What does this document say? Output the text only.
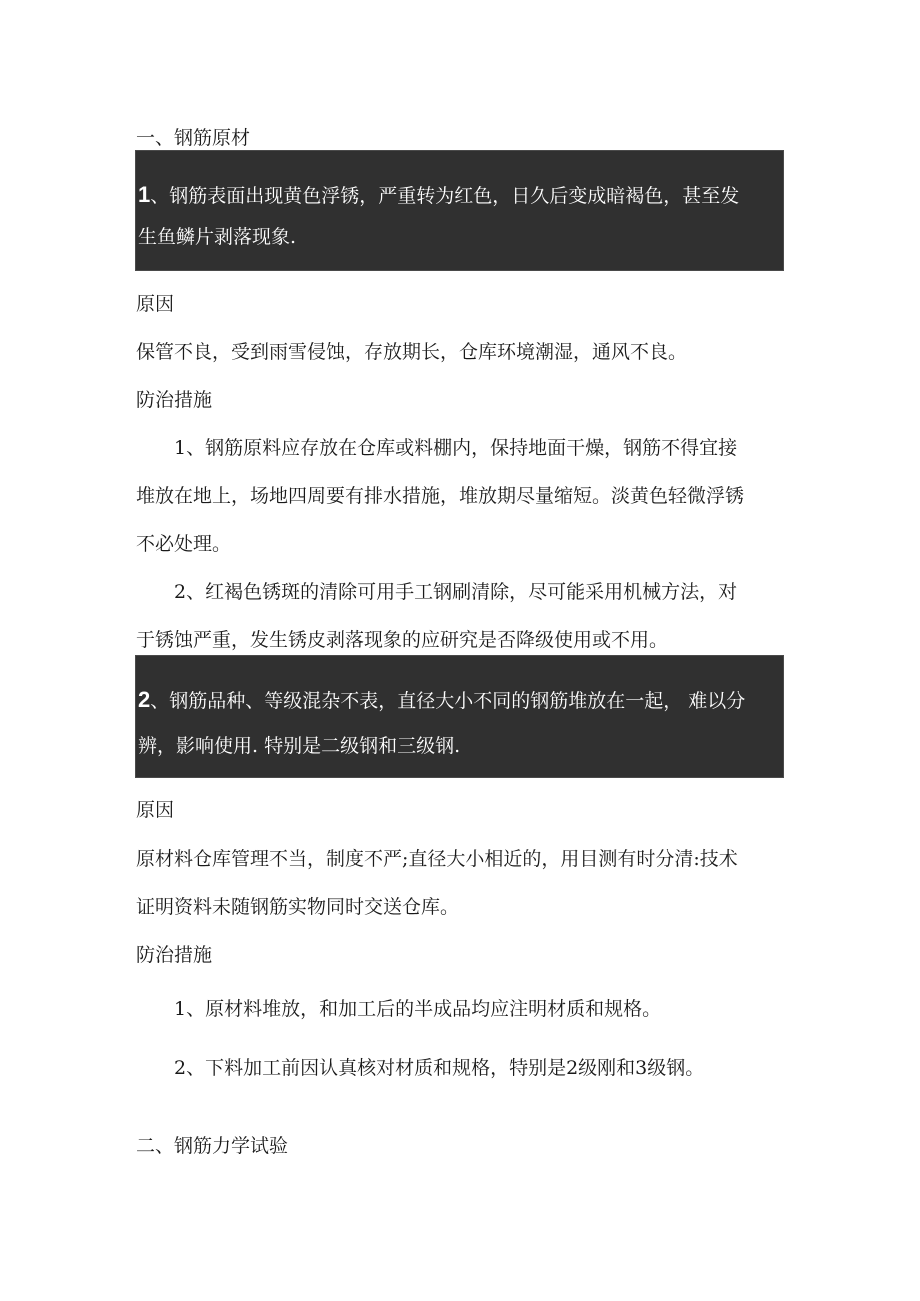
一、钢筋原材

1、钢筋表面出现黄色浮锈，严重转为红色，日久后变成暗褐色，甚至发
生鱼鳞片剥落现象.

原因

保管不良，受到雨雪侵蚀，存放期长，仓库环境潮湿，通风不良。

防治措施

1、钢筋原料应存放在仓库或料棚内，保持地面干燥，钢筋不得宜接

堆放在地上，场地四周要有排水措施，堆放期尽量缩短。淡黄色轻微浮锈

不必处理。

2、红褐色锈斑的清除可用手工钢刷清除，尽可能采用机械方法，对

于锈蚀严重，发生锈皮剥落现象的应研究是否降级使用或不用。

2、钢筋品种、等级混杂不表，直径大小不同的钢筋堆放在一起， 难以分
辨，影响使用. 特别是二级钢和三级钢.

原因

原材料仓库管理不当，制度不严;直径大小相近的，用目测有时分清:技术

证明资料未随钢筋实物同时交送仓库。

防治措施

1、原材料堆放，和加工后的半成品均应注明材质和规格。

2、下料加工前因认真核对材质和规格，特别是2级刚和3级钢。

二、钢筋力学试验
